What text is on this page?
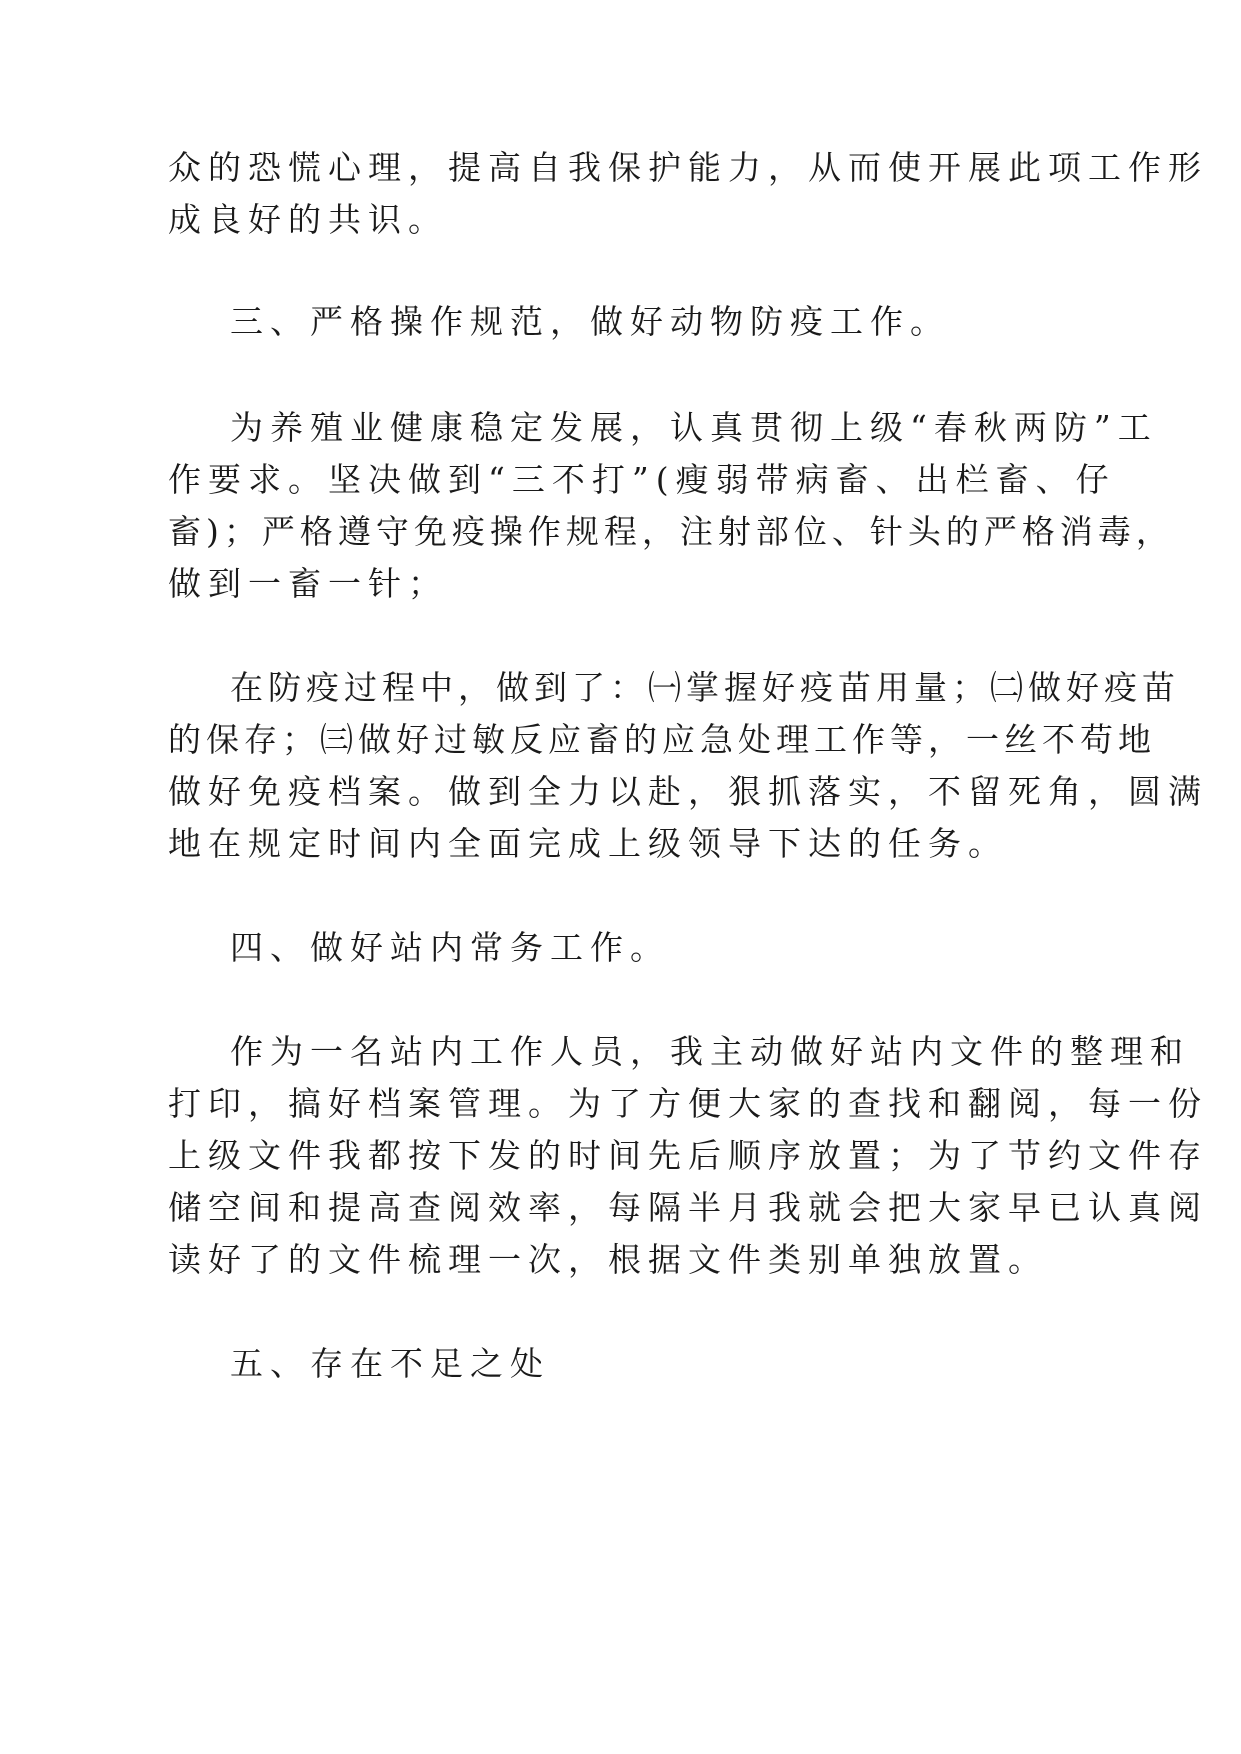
众的恐慌心理，提高自我保护能力，从而使开展此项工作形
成良好的共识。
三、严格操作规范，做好动物防疫工作。
为养殖业健康稳定发展，认真贯彻上级“春秋两防”工
作要求。坚决做到“三不打”(瘦弱带病畜、出栏畜、仔
畜)；严格遵守免疫操作规程，注射部位、针头的严格消毒，
做到一畜一针；
在防疫过程中，做到了：㈠掌握好疫苗用量；㈡做好疫苗
的保存；㈢做好过敏反应畜的应急处理工作等，一丝不苟地
做好免疫档案。做到全力以赴，狠抓落实，不留死角，圆满
地在规定时间内全面完成上级领导下达的任务。
四、做好站内常务工作。
作为一名站内工作人员，我主动做好站内文件的整理和
打印，搞好档案管理。为了方便大家的查找和翻阅，每一份
上级文件我都按下发的时间先后顺序放置；为了节约文件存
储空间和提高查阅效率，每隔半月我就会把大家早已认真阅
读好了的文件梳理一次，根据文件类别单独放置。
五、存在不足之处
